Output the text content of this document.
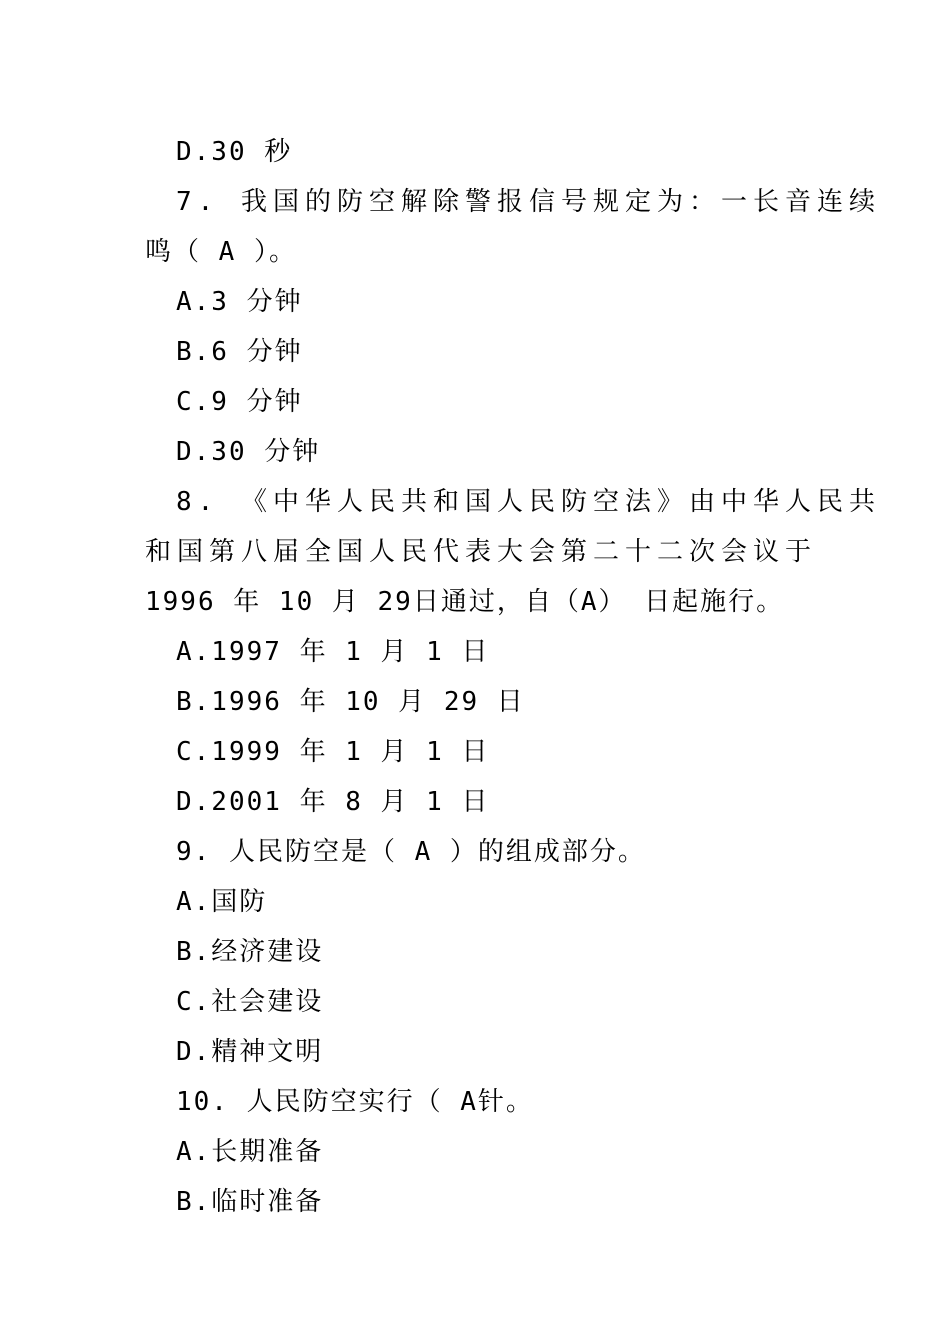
D.30 秒
7. 我国的防空解除警报信号规定为：一长音连续
鸣（ A ）。
A.3 分钟
B.6 分钟
C.9 分钟
D.30 分钟
8. 《中华人民共和国人民防空法》由中华人民共
和国第八届全国人民代表大会第二十二次会议于
1996 年 10 月 29日通过，自（A） 日起施行。
A.1997 年 1 月 1 日
B.1996 年 10 月 29 日
C.1999 年 1 月 1 日
D.2001 年 8 月 1 日
9. 人民防空是（ A ）的组成部分。
A.国防
B.经济建设
C.社会建设
D.精神文明
10. 人民防空实行（ A针。
A.长期准备
B.临时准备
